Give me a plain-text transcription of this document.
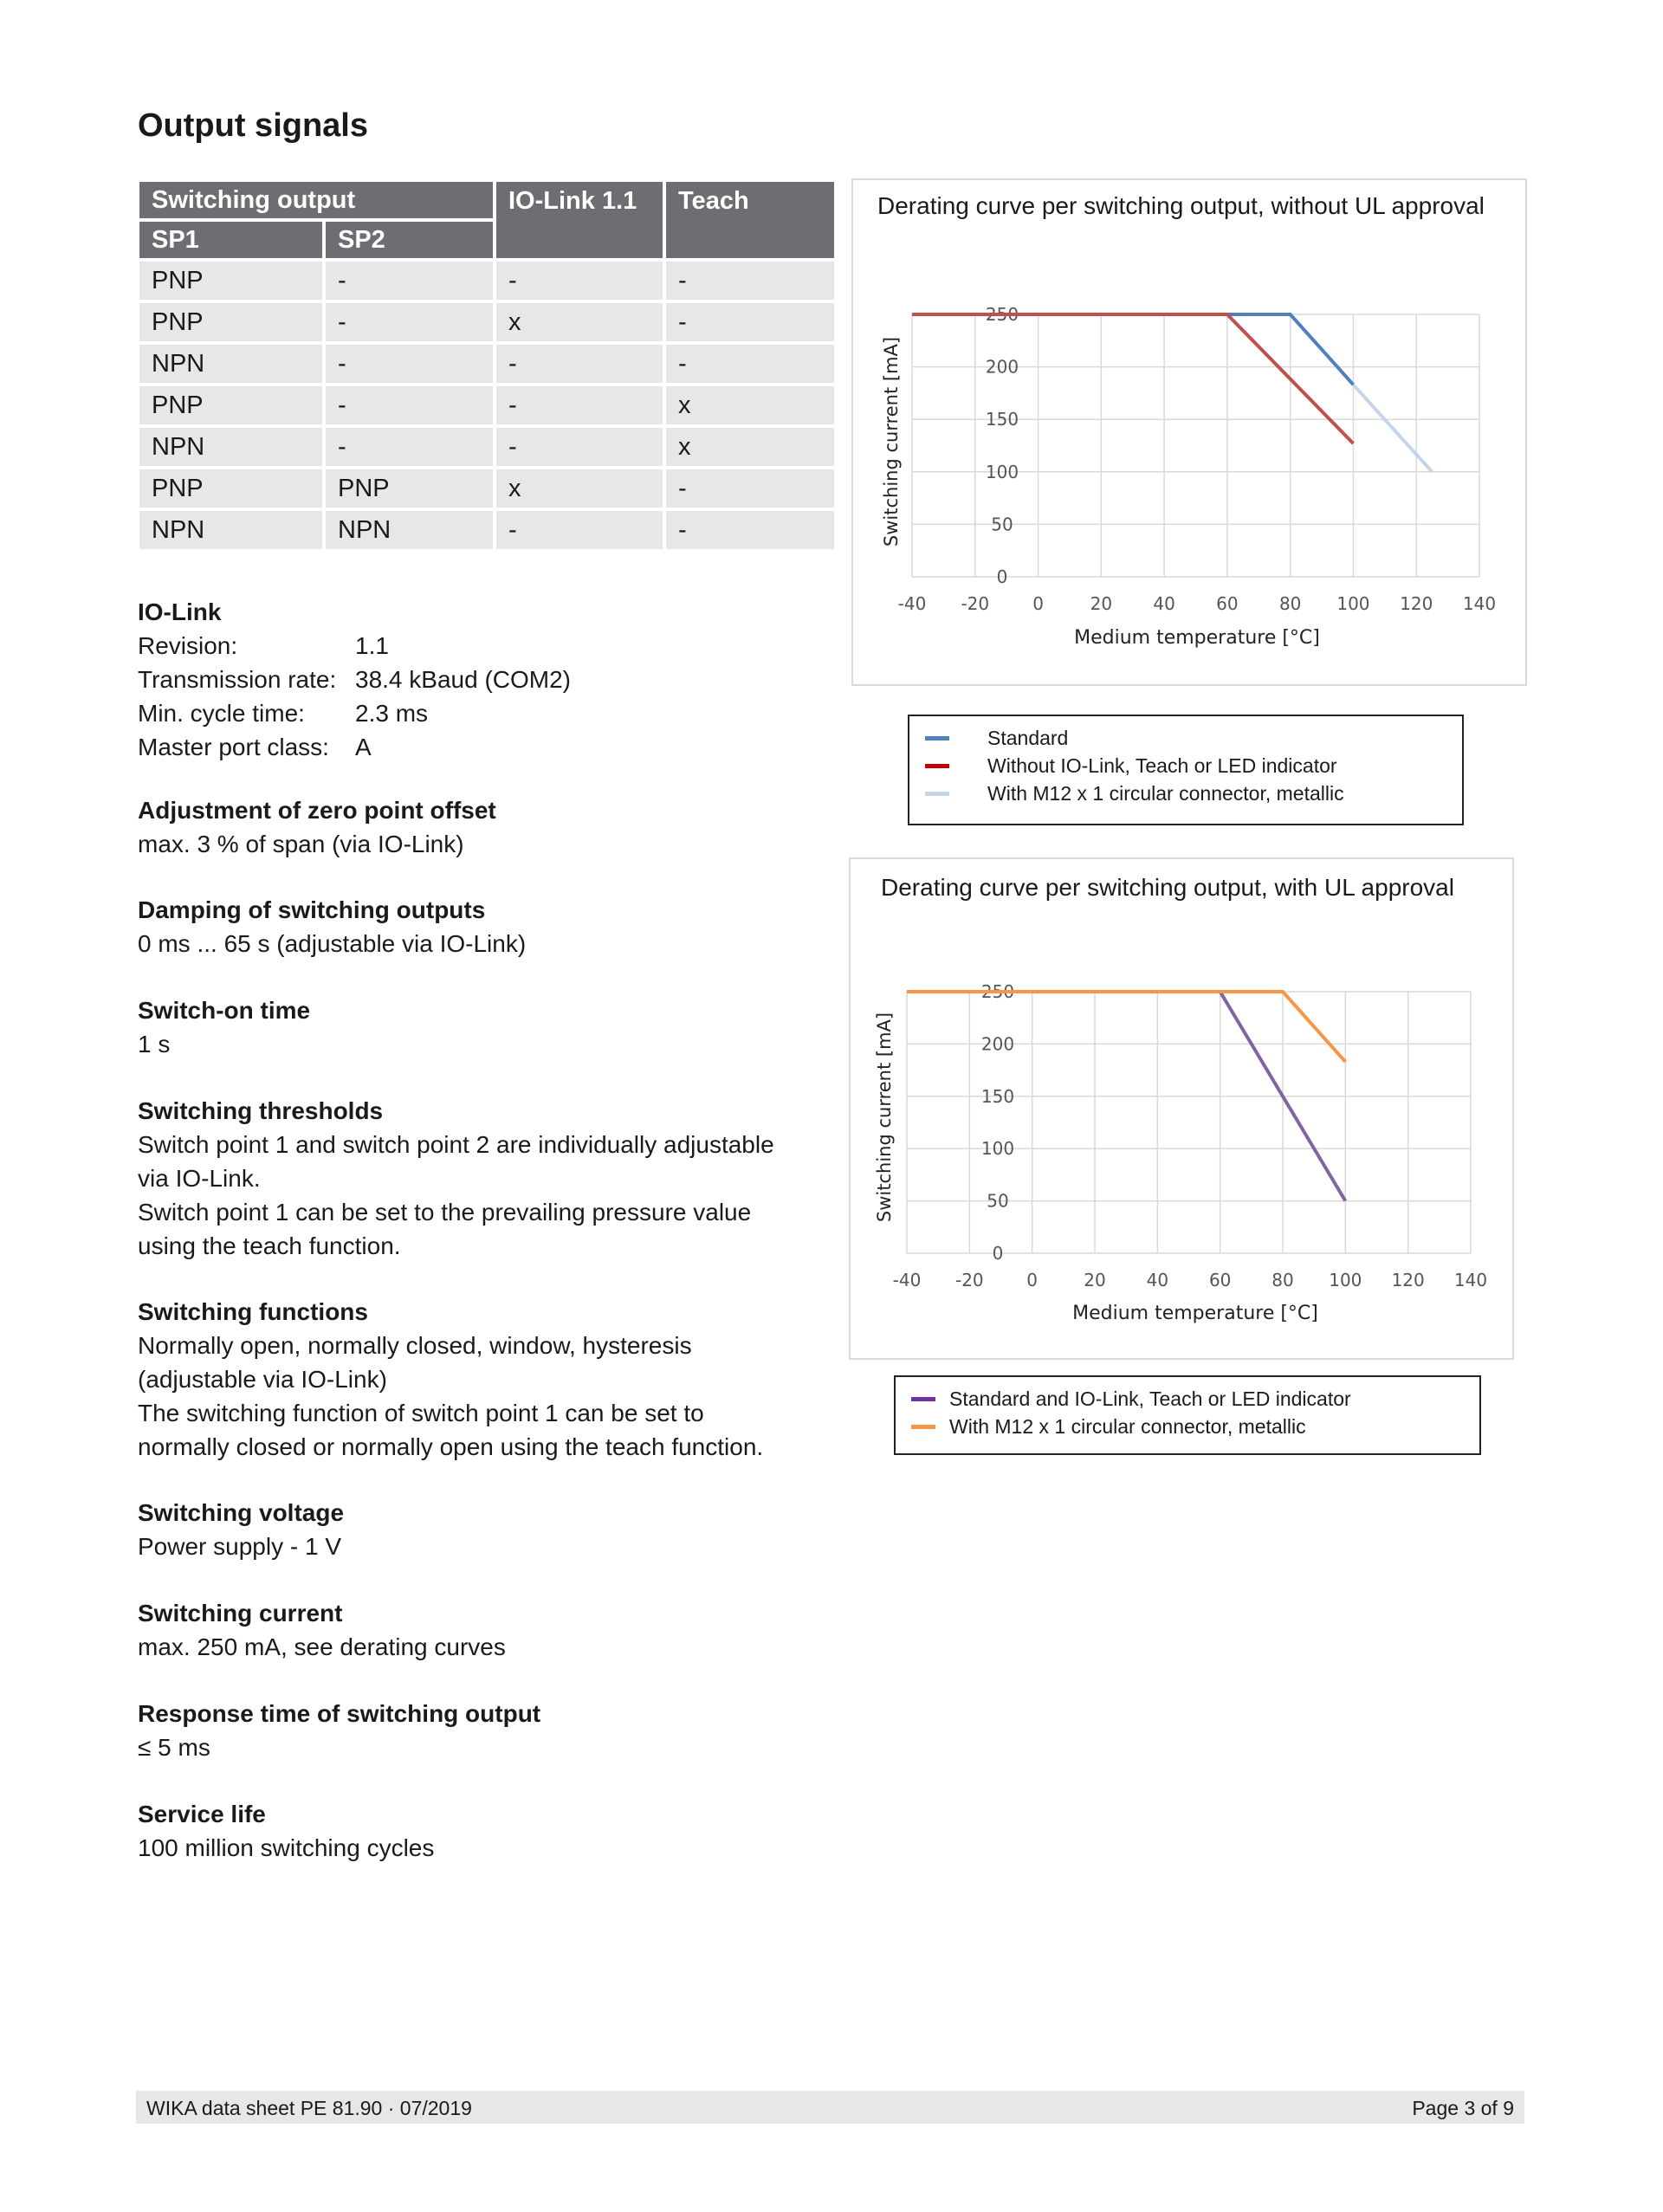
Output signals
Switching output		IO-Link 1.1	Teach
SP1	SP2		
PNP	-	-	-
PNP	-	x	-
NPN	-	-	-
PNP	-	-	x
NPN	-	-	x
PNP	PNP	x	-
NPN	NPN	-	-
IO-Link
Revision:	1.1
Transmission rate: 38.4 kBaud (COM2)
Min. cycle time:	2.3 ms
Master port class:	A
Adjustment of zero point offset

max. 3 % of span (via IO-Link)

Damping of switching outputs

0 ms ... 65 s (adjustable via IO-Link)

Switch-on time

1 s

Switching thresholds

Switch point 1 and switch point 2 are individually adjustable

via IO-Link.

Switch point 1 can be set to the prevailing pressure value

using the teach function.

Switching functions

Normally open, normally closed, window, hysteresis

(adjustable via IO-Link)

The switching function of switch point 1 can be set to

normally closed or normally open using the teach function.

Switching voltage

Power supply - 1 V

Switching current

max. 250 mA, see derating curves

Response time of switching output

≤ 5 ms

Service life

100 million switching cycles

Derating curve per switching output, without UL approval
Switching current [mA]
Medium temperature [°C]
-40 -20	0	20 40 60 80 100 120 140
0
50
100
150
200
250
Standard
Without IO-Link, Teach or LED indicator
With M12 x 1 circular connector, metallic
Derating curve per switching output, with UL approval
Switching current [mA]
Medium temperature [°C]
-40 -20 0	20 40 60 80 100 120 140
0
50
100
150
200
250
Standard and IO-Link, Teach or LED indicator
With M12 x 1 circular connector, metallic
WIKA data sheet PE 81.90 · 07/2019	Page 3 of 9
